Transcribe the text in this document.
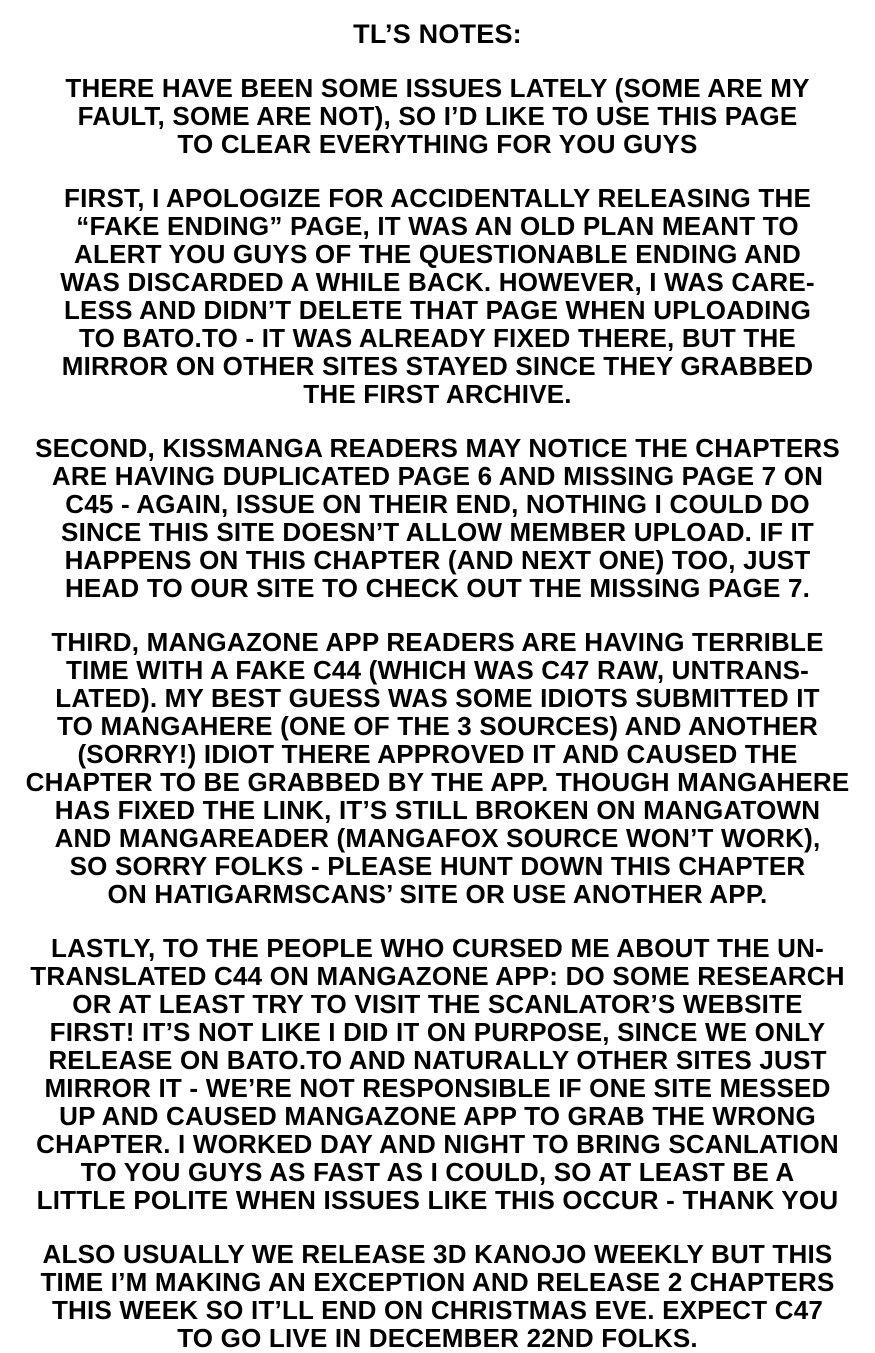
TL’S NOTES:
THERE HAVE BEEN SOME ISSUES LATELY (SOME ARE MY
FAULT, SOME ARE NOT), SO I’D LIKE TO USE THIS PAGE
TO CLEAR EVERYTHING FOR YOU GUYS
FIRST, I APOLOGIZE FOR ACCIDENTALLY RELEASING THE
“FAKE ENDING” PAGE, IT WAS AN OLD PLAN MEANT TO
ALERT YOU GUYS OF THE QUESTIONABLE ENDING AND
WAS DISCARDED A WHILE BACK. HOWEVER, I WAS CARE-
LESS AND DIDN’T DELETE THAT PAGE WHEN UPLOADING
TO BATO.TO - IT WAS ALREADY FIXED THERE, BUT THE
MIRROR ON OTHER SITES STAYED SINCE THEY GRABBED
THE FIRST ARCHIVE.
SECOND, KISSMANGA READERS MAY NOTICE THE CHAPTERS
ARE HAVING DUPLICATED PAGE 6 AND MISSING PAGE 7 ON
C45 - AGAIN, ISSUE ON THEIR END, NOTHING I COULD DO
SINCE THIS SITE DOESN’T ALLOW MEMBER UPLOAD. IF IT
HAPPENS ON THIS CHAPTER (AND NEXT ONE) TOO, JUST
HEAD TO OUR SITE TO CHECK OUT THE MISSING PAGE 7.
THIRD, MANGAZONE APP READERS ARE HAVING TERRIBLE
TIME WITH A FAKE C44 (WHICH WAS C47 RAW, UNTRANS-
LATED). MY BEST GUESS WAS SOME IDIOTS SUBMITTED IT
TO MANGAHERE (ONE OF THE 3 SOURCES) AND ANOTHER
(SORRY!) IDIOT THERE APPROVED IT AND CAUSED THE
CHAPTER TO BE GRABBED BY THE APP. THOUGH MANGAHERE
HAS FIXED THE LINK, IT’S STILL BROKEN ON MANGATOWN
AND MANGAREADER (MANGAFOX SOURCE WON’T WORK),
SO SORRY FOLKS - PLEASE HUNT DOWN THIS CHAPTER
ON HATIGARMSCANS’ SITE OR USE ANOTHER APP.
LASTLY, TO THE PEOPLE WHO CURSED ME ABOUT THE UN-
TRANSLATED C44 ON MANGAZONE APP: DO SOME RESEARCH
OR AT LEAST TRY TO VISIT THE SCANLATOR’S WEBSITE
FIRST! IT’S NOT LIKE I DID IT ON PURPOSE, SINCE WE ONLY
RELEASE ON BATO.TO AND NATURALLY OTHER SITES JUST
MIRROR IT - WE’RE NOT RESPONSIBLE IF ONE SITE MESSED
UP AND CAUSED MANGAZONE APP TO GRAB THE WRONG
CHAPTER. I WORKED DAY AND NIGHT TO BRING SCANLATION
TO YOU GUYS AS FAST AS I COULD, SO AT LEAST BE A
LITTLE POLITE WHEN ISSUES LIKE THIS OCCUR - THANK YOU
ALSO USUALLY WE RELEASE 3D KANOJO WEEKLY BUT THIS
TIME I’M MAKING AN EXCEPTION AND RELEASE 2 CHAPTERS
THIS WEEK SO IT’LL END ON CHRISTMAS EVE. EXPECT C47
TO GO LIVE IN DECEMBER 22ND FOLKS.
